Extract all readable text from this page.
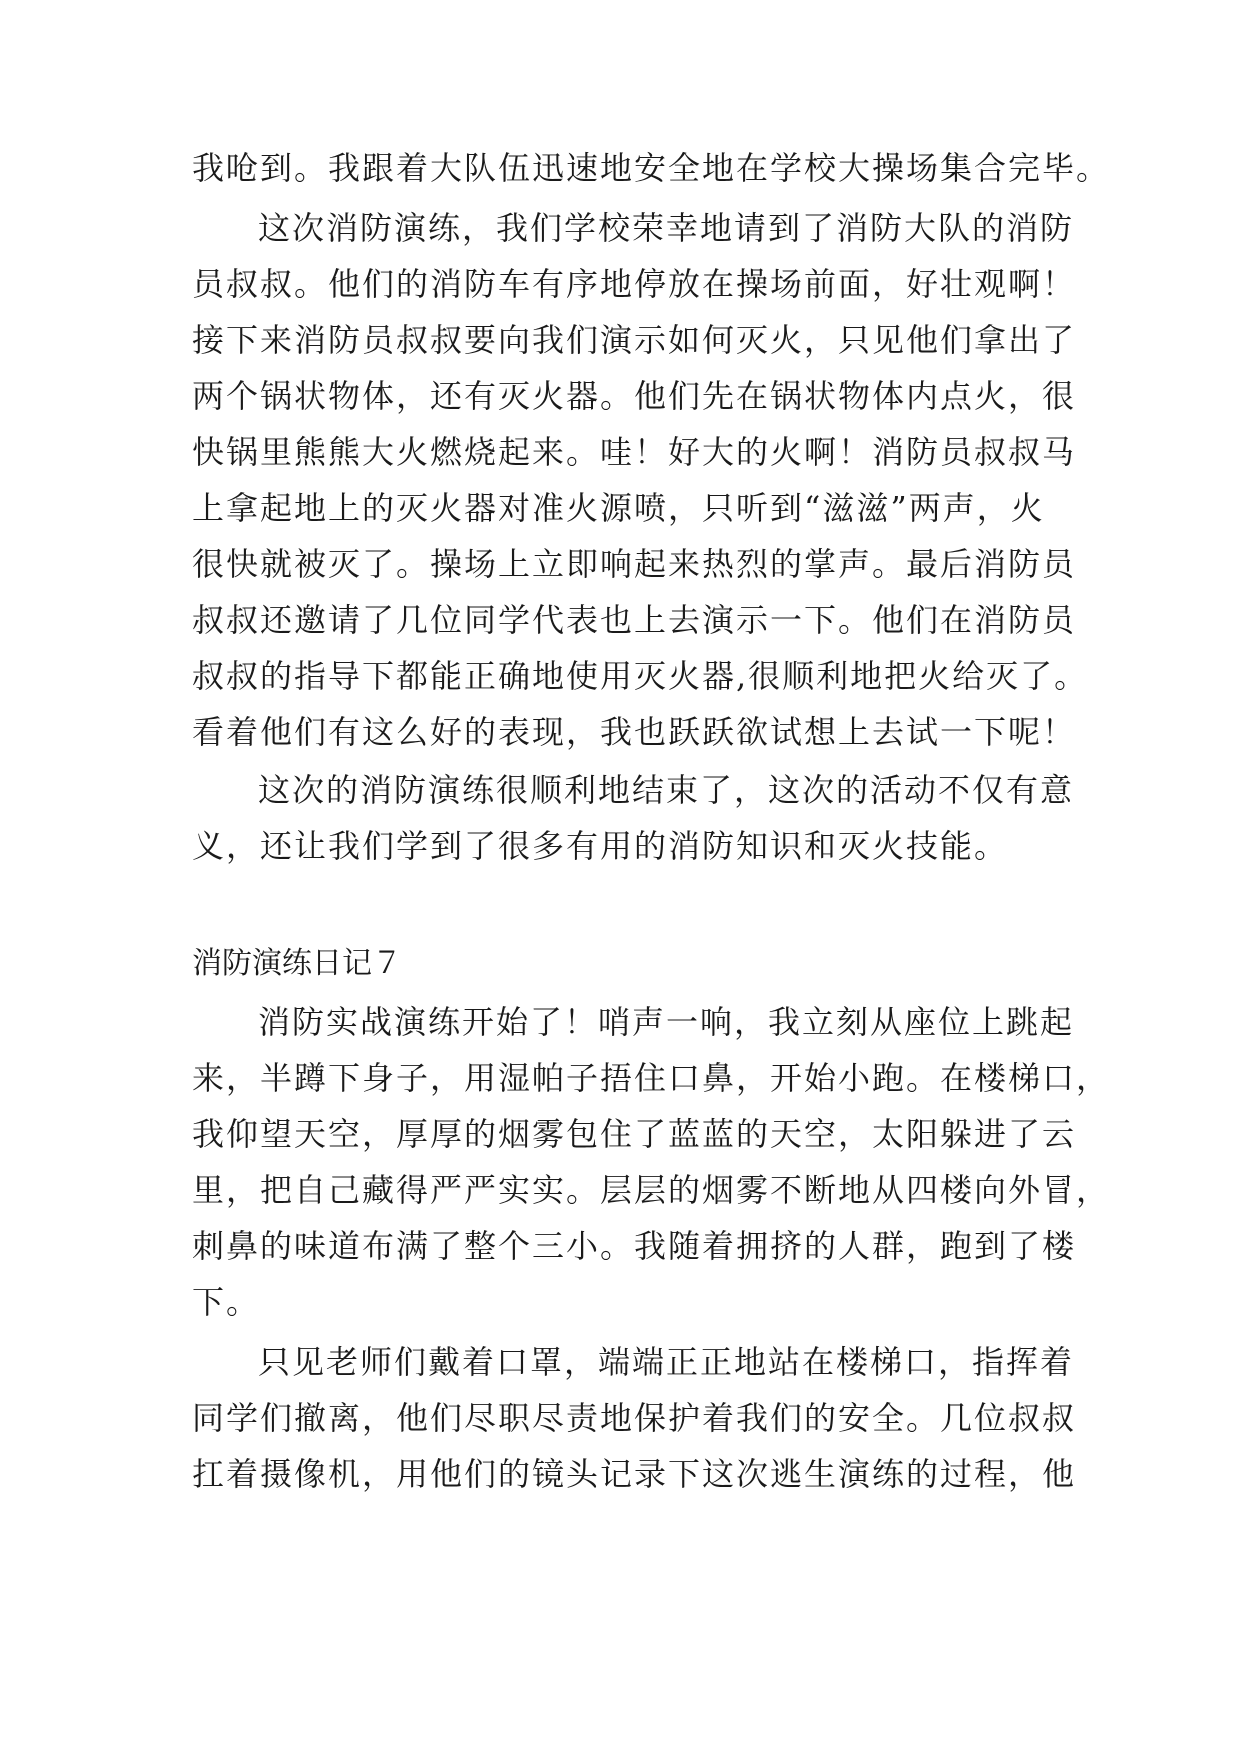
我呛到。我跟着大队伍迅速地安全地在学校大操场集合完毕。
这次消防演练，我们学校荣幸地请到了消防大队的消防
员叔叔。他们的消防车有序地停放在操场前面，好壮观啊！
接下来消防员叔叔要向我们演示如何灭火，只见他们拿出了
两个锅状物体，还有灭火器。他们先在锅状物体内点火，很
快锅里熊熊大火燃烧起来。哇！好大的火啊！消防员叔叔马
上拿起地上的灭火器对准火源喷，只听到“滋滋”两声，火
很快就被灭了。操场上立即响起来热烈的掌声。最后消防员
叔叔还邀请了几位同学代表也上去演示一下。他们在消防员
叔叔的指导下都能正确地使用灭火器,很顺利地把火给灭了。
看着他们有这么好的表现，我也跃跃欲试想上去试一下呢！
这次的消防演练很顺利地结束了，这次的活动不仅有意
义，还让我们学到了很多有用的消防知识和灭火技能。
消防演练日记７
消防实战演练开始了！哨声一响，我立刻从座位上跳起
来，半蹲下身子，用湿帕子捂住口鼻，开始小跑。在楼梯口，
我仰望天空，厚厚的烟雾包住了蓝蓝的天空，太阳躲进了云
里，把自己藏得严严实实。层层的烟雾不断地从四楼向外冒，
刺鼻的味道布满了整个三小。我随着拥挤的人群，跑到了楼
下。
只见老师们戴着口罩，端端正正地站在楼梯口，指挥着
同学们撤离，他们尽职尽责地保护着我们的安全。几位叔叔
扛着摄像机，用他们的镜头记录下这次逃生演练的过程，他
